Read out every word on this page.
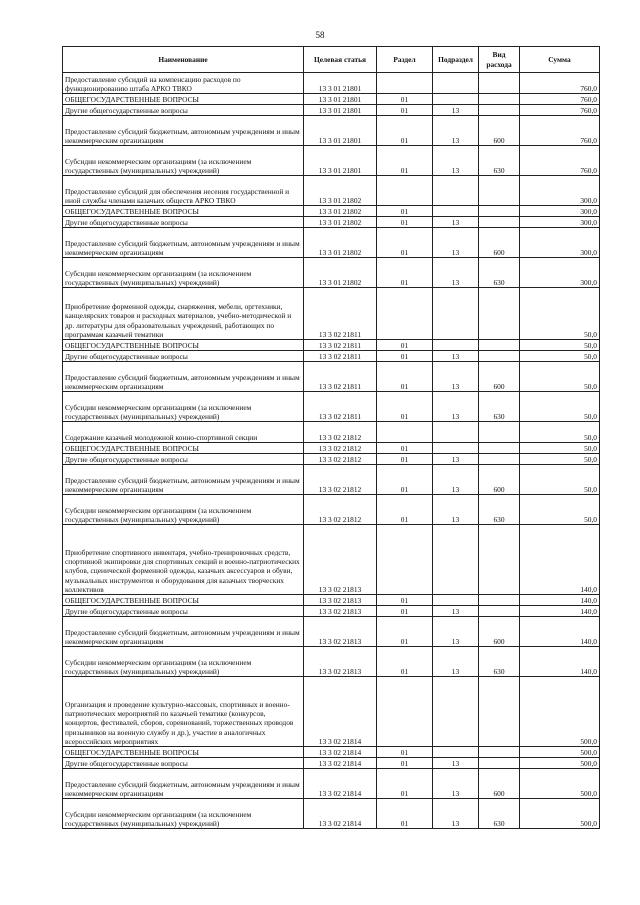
58
Наименование	Целевая статья	Раздел	Подраздел	Вид расхода	Сумма
Предоставление субсидий на компенсацию расходов по функционированию штаба АРКО ТВКО	13 3 01 21801				760,0
ОБЩЕГОСУДАРСТВЕННЫЕ ВОПРОСЫ	13 3 01 21801	01			760,0
Другие общегосударственные вопросы	13 3 01 21801	01	13		760,0
Предоставление субсидий бюджетным, автономным учреждениям и иным некоммерческим организациям	13 3 01 21801	01	13	600	760,0
Субсидии некоммерческим организациям (за исключением государственных (муниципальных) учреждений)	13 3 01 21801	01	13	630	760,0
Предоставление субсидий для обеспечения несения государственной и иной службы членами казачьих обществ АРКО ТВКО	13 3 01 21802				300,0
ОБЩЕГОСУДАРСТВЕННЫЕ ВОПРОСЫ	13 3 01 21802	01			300,0
Другие общегосударственные вопросы	13 3 01 21802	01	13		300,0
Предоставление субсидий бюджетным, автономным учреждениям и иным некоммерческим организациям	13 3 01 21802	01	13	600	300,0
Субсидии некоммерческим организациям (за исключением государственных (муниципальных) учреждений)	13 3 01 21802	01	13	630	300,0
Приобретение форменной одежды, снаряжения, мебели, оргтехники, канцелярских товаров и расходных материалов, учебно-методической и др. литературы для образовательных учреждений, работающих по программам казачьей тематики	13 3 02 21811				50,0
ОБЩЕГОСУДАРСТВЕННЫЕ ВОПРОСЫ	13 3 02 21811	01			50,0
Другие общегосударственные вопросы	13 3 02 21811	01	13		50,0
Предоставление субсидий бюджетным, автономным учреждениям и иным некоммерческим организациям	13 3 02 21811	01	13	600	50,0
Субсидии некоммерческим организациям (за исключением государственных (муниципальных) учреждений)	13 3 02 21811	01	13	630	50,0
Содержание казачьей молодежной конно-спортивной секции	13 3 02 21812				50,0
ОБЩЕГОСУДАРСТВЕННЫЕ ВОПРОСЫ	13 3 02 21812	01			50,0
Другие общегосударственные вопросы	13 3 02 21812	01	13		50,0
Предоставление субсидий бюджетным, автономным учреждениям и иным некоммерческим организациям	13 3 02 21812	01	13	600	50,0
Субсидии некоммерческим организациям (за исключением государственных (муниципальных) учреждений)	13 3 02 21812	01	13	630	50,0
Приобретение спортивного инвентаря, учебно-тренировочных средств, спортивной экипировки для спортивных секций и военно-патриотических клубов, сценической форменной одежды, казачьих аксессуаров и обуви, музыкальных инструментов и оборудования для казачьих творческих коллективов	13 3 02 21813				140,0
ОБЩЕГОСУДАРСТВЕННЫЕ ВОПРОСЫ	13 3 02 21813	01			140,0
Другие общегосударственные вопросы	13 3 02 21813	01	13		140,0
Предоставление субсидий бюджетным, автономным учреждениям и иным некоммерческим организациям	13 3 02 21813	01	13	600	140,0
Субсидии некоммерческим организациям (за исключением государственных (муниципальных) учреждений)	13 3 02 21813	01	13	630	140,0
Организация и проведение культурно-массовых, спортивных и военно-патриотических мероприятий по казачьей тематике (конкурсов, концертов, фестивалей, сборов, соревнований, торжественных проводов призывников на военную службу и др.), участие в аналогичных всероссийских мероприятиях	13 3 02 21814				500,0
ОБЩЕГОСУДАРСТВЕННЫЕ ВОПРОСЫ	13 3 02 21814	01			500,0
Другие общегосударственные вопросы	13 3 02 21814	01	13		500,0
Предоставление субсидий бюджетным, автономным учреждениям и иным некоммерческим организациям	13 3 02 21814	01	13	600	500,0
Субсидии некоммерческим организациям (за исключением государственных (муниципальных) учреждений)	13 3 02 21814	01	13	630	500,0
